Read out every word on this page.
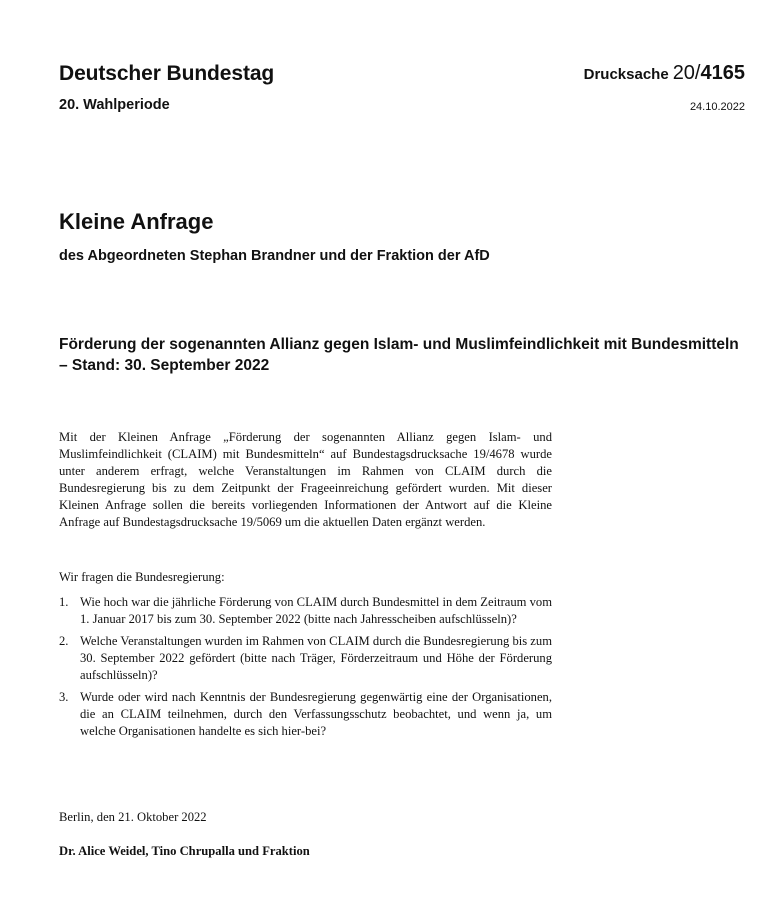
Deutscher Bundestag
20. Wahlperiode
Drucksache 20/4165
24.10.2022
Kleine Anfrage
des Abgeordneten Stephan Brandner und der Fraktion der AfD
Förderung der sogenannten Allianz gegen Islam- und Muslimfeindlichkeit mit Bundesmitteln – Stand: 30. September 2022
Mit der Kleinen Anfrage „Förderung der sogenannten Allianz gegen Islam- und Muslimfeindlichkeit (CLAIM) mit Bundesmitteln“ auf Bundestagsdrucksache 19/4678 wurde unter anderem erfragt, welche Veranstaltungen im Rahmen von CLAIM durch die Bundesregierung bis zu dem Zeitpunkt der Frageeinreichung gefördert wurden. Mit dieser Kleinen Anfrage sollen die bereits vorliegenden Informationen der Antwort auf die Kleine Anfrage auf Bundestagsdrucksache 19/5069 um die aktuellen Daten ergänzt werden.
Wir fragen die Bundesregierung:
1. Wie hoch war die jährliche Förderung von CLAIM durch Bundesmittel in dem Zeitraum vom 1. Januar 2017 bis zum 30. September 2022 (bitte nach Jahresscheiben aufschlüsseln)?
2. Welche Veranstaltungen wurden im Rahmen von CLAIM durch die Bundesregierung bis zum 30. September 2022 gefördert (bitte nach Träger, Förderzeitraum und Höhe der Förderung aufschlüsseln)?
3. Wurde oder wird nach Kenntnis der Bundesregierung gegenwärtig eine der Organisationen, die an CLAIM teilnehmen, durch den Verfassungsschutz beobachtet, und wenn ja, um welche Organisationen handelte es sich hier-bei?
Berlin, den 21. Oktober 2022
Dr. Alice Weidel, Tino Chrupalla und Fraktion
